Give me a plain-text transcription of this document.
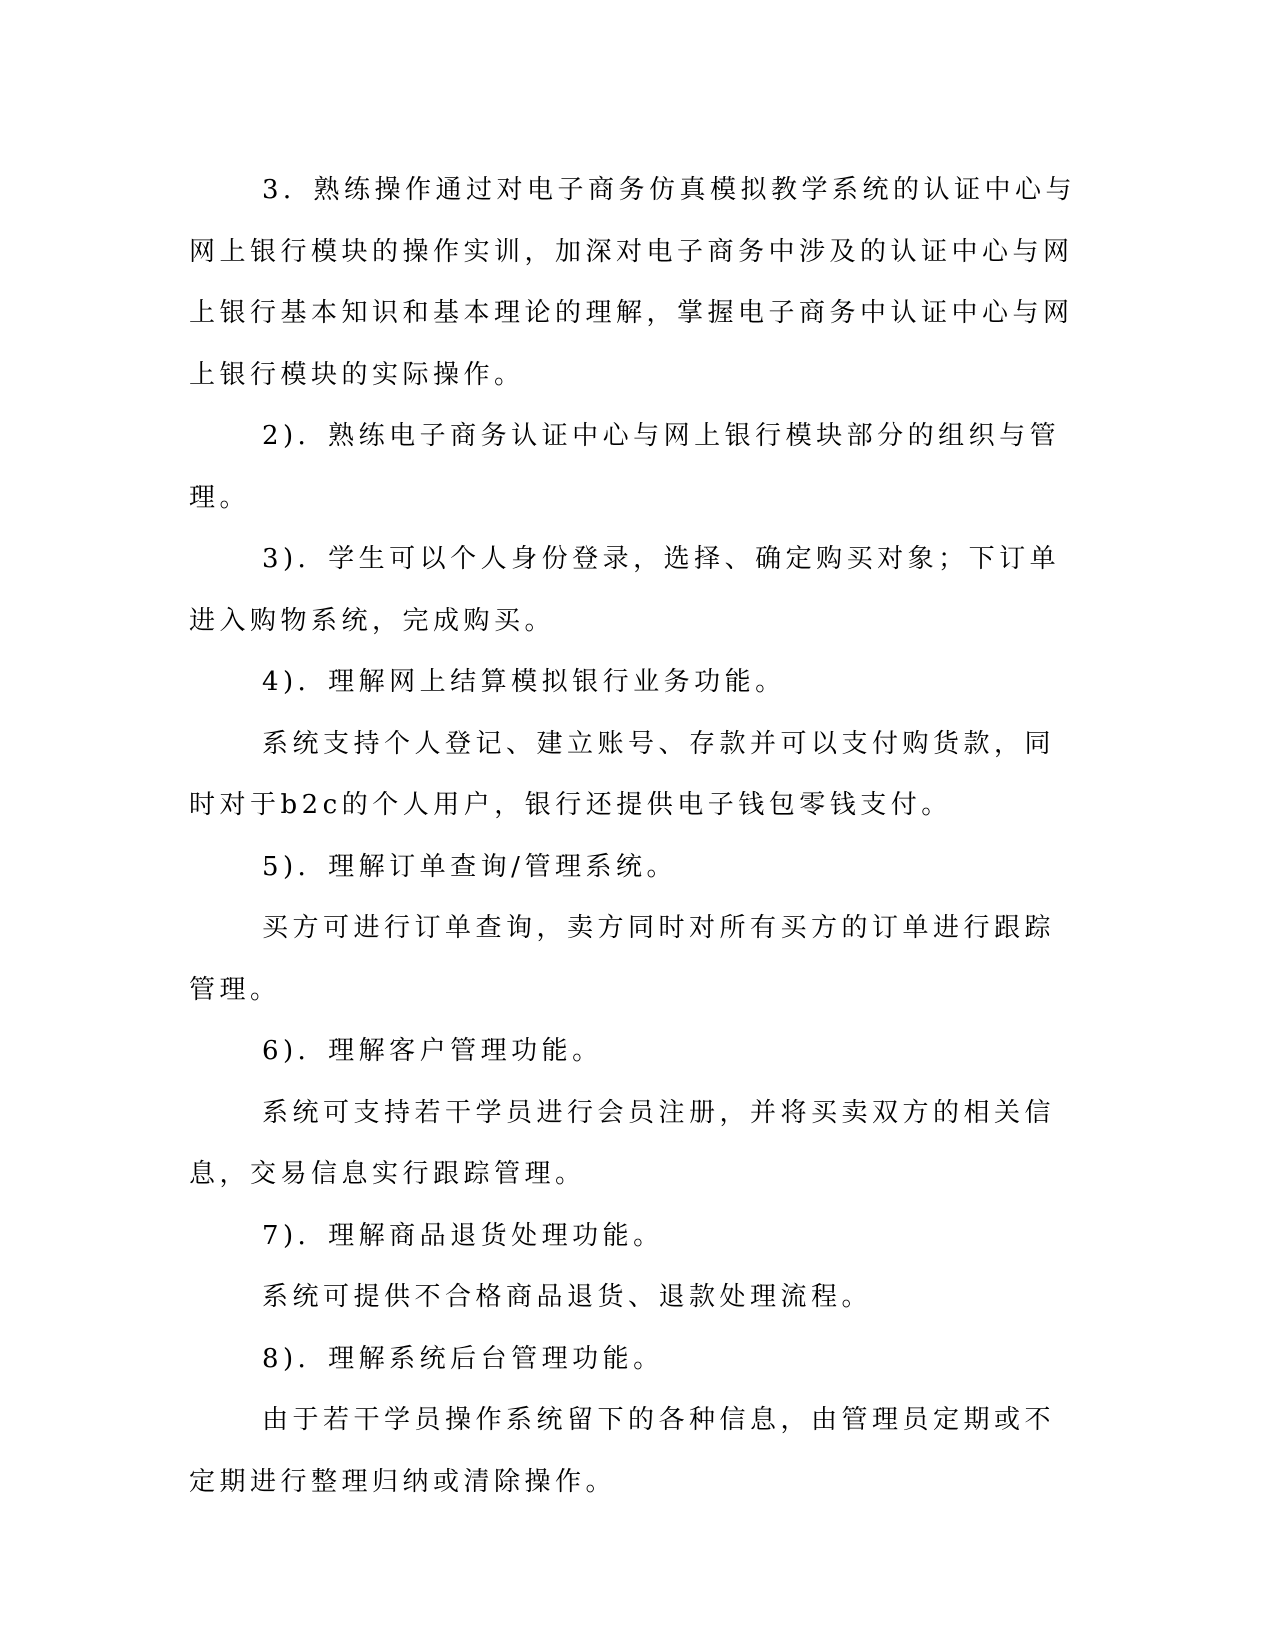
3．熟练操作通过对电子商务仿真模拟教学系统的认证中心与网上银行模块的操作实训，加深对电子商务中涉及的认证中心与网上银行基本知识和基本理论的理解，掌握电子商务中认证中心与网上银行模块的实际操作。

2)．熟练电子商务认证中心与网上银行模块部分的组织与管理。

3)．学生可以个人身份登录，选择、确定购买对象；下订单进入购物系统，完成购买。

4)．理解网上结算模拟银行业务功能。

系统支持个人登记、建立账号、存款并可以支付购货款，同时对于b2c的个人用户，银行还提供电子钱包零钱支付。

5)．理解订单查询/管理系统。

买方可进行订单查询，卖方同时对所有买方的订单进行跟踪管理。

6)．理解客户管理功能。

系统可支持若干学员进行会员注册，并将买卖双方的相关信息，交易信息实行跟踪管理。

7)．理解商品退货处理功能。

系统可提供不合格商品退货、退款处理流程。

8)．理解系统后台管理功能。

由于若干学员操作系统留下的各种信息，由管理员定期或不定期进行整理归纳或清除操作。
